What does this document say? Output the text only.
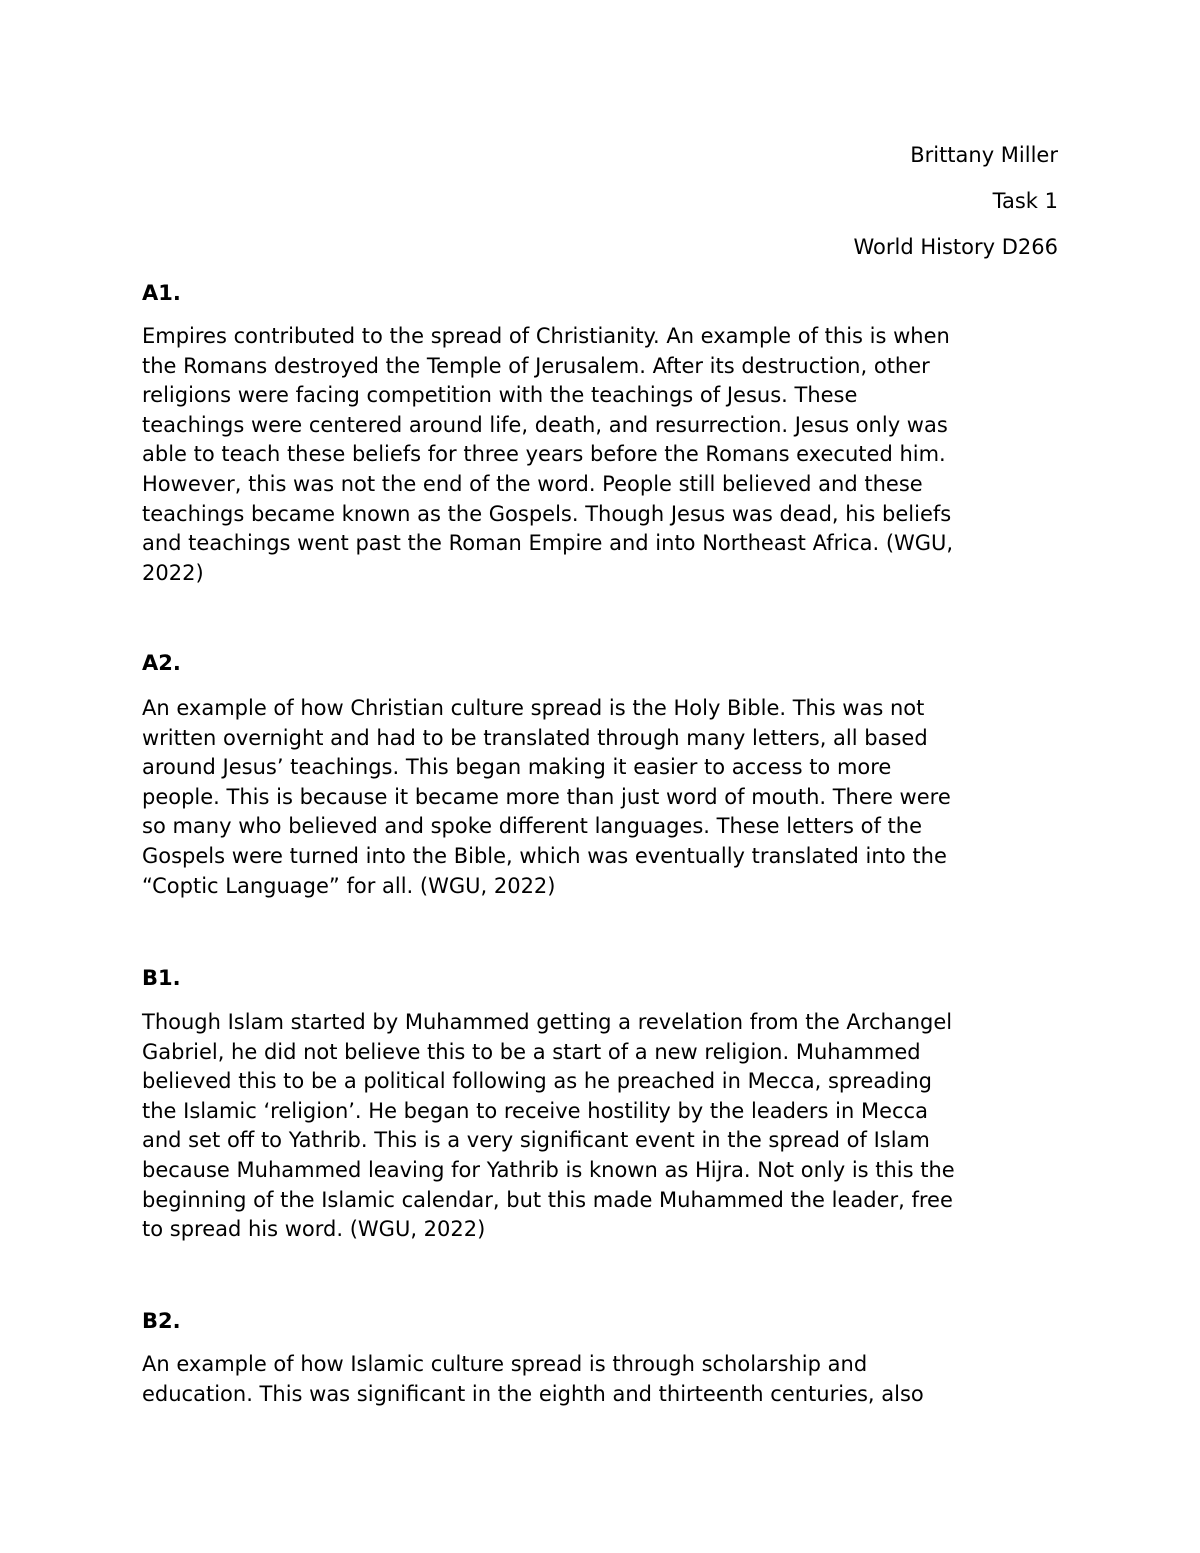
Brittany Miller
Task 1
World History D266
A1.
Empires contributed to the spread of Christianity. An example of this is when
the Romans destroyed the Temple of Jerusalem. After its destruction, other
religions were facing competition with the teachings of Jesus. These
teachings were centered around life, death, and resurrection. Jesus only was
able to teach these beliefs for three years before the Romans executed him.
However, this was not the end of the word. People still believed and these
teachings became known as the Gospels. Though Jesus was dead, his beliefs
and teachings went past the Roman Empire and into Northeast Africa. (WGU,
2022)
A2.
An example of how Christian culture spread is the Holy Bible. This was not
written overnight and had to be translated through many letters, all based
around Jesus’ teachings. This began making it easier to access to more
people. This is because it became more than just word of mouth. There were
so many who believed and spoke different languages. These letters of the
Gospels were turned into the Bible, which was eventually translated into the
“Coptic Language” for all. (WGU, 2022)
B1.
Though Islam started by Muhammed getting a revelation from the Archangel
Gabriel, he did not believe this to be a start of a new religion. Muhammed
believed this to be a political following as he preached in Mecca, spreading
the Islamic ‘religion’. He began to receive hostility by the leaders in Mecca
and set off to Yathrib. This is a very significant event in the spread of Islam
because Muhammed leaving for Yathrib is known as Hijra. Not only is this the
beginning of the Islamic calendar, but this made Muhammed the leader, free
to spread his word. (WGU, 2022)
B2.
An example of how Islamic culture spread is through scholarship and
education. This was significant in the eighth and thirteenth centuries, also
